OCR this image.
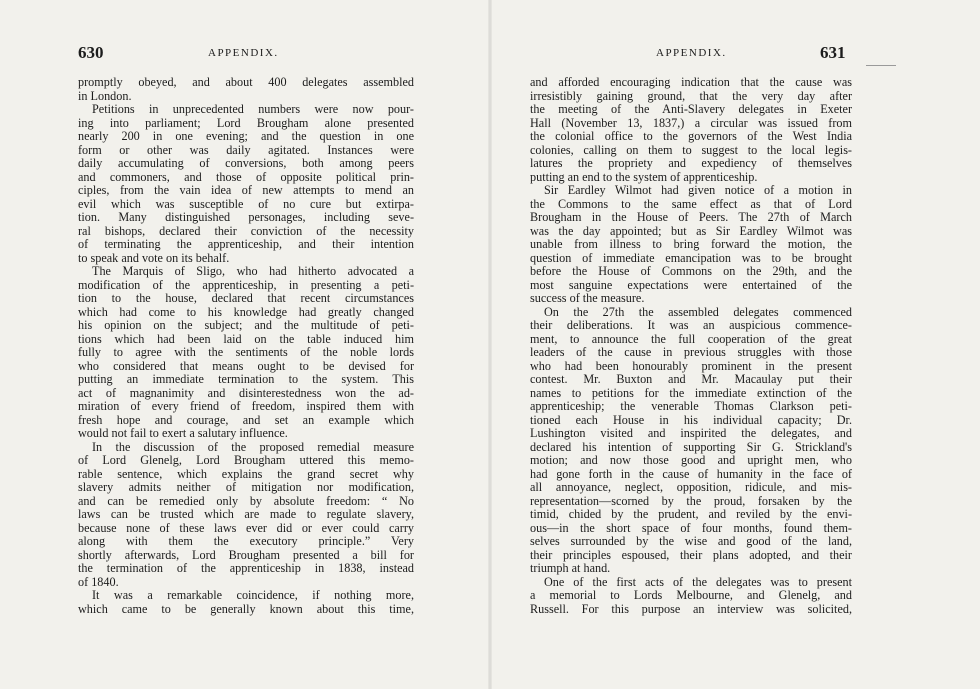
630	APPENDIX.
promptly obeyed, and about 400 delegates assembled
in London.
Petitions in unprecedented numbers were now pour-
ing into parliament; Lord Brougham alone presented
nearly 200 in one evening; and the question in one
form or other was daily agitated. Instances were
daily accumulating of conversions, both among peers
and commoners, and those of opposite political prin-
ciples, from the vain idea of new attempts to mend an
evil which was susceptible of no cure but extirpa-
tion. Many distinguished personages, including seve-
ral bishops, declared their conviction of the necessity
of terminating the apprenticeship, and their intention
to speak and vote on its behalf.
The Marquis of Sligo, who had hitherto advocated a
modification of the apprenticeship, in presenting a peti-
tion to the house, declared that recent circumstances
which had come to his knowledge had greatly changed
his opinion on the subject; and the multitude of peti-
tions which had been laid on the table induced him
fully to agree with the sentiments of the noble lords
who considered that means ought to be devised for
putting an immediate termination to the system. This
act of magnanimity and disinterestedness won the ad-
miration of every friend of freedom, inspired them with
fresh hope and courage, and set an example which
would not fail to exert a salutary influence.
In the discussion of the proposed remedial measure
of Lord Glenelg, Lord Brougham uttered this memo-
rable sentence, which explains the grand secret why
slavery admits neither of mitigation nor modification,
and can be remedied only by absolute freedom: “ No
laws can be trusted which are made to regulate slavery,
because none of these laws ever did or ever could carry
along with them the executory principle.” Very
shortly afterwards, Lord Brougham presented a bill for
the termination of the apprenticeship in 1838, instead
of 1840.
It was a remarkable coincidence, if nothing more,
which came to be generally known about this time,
APPENDIX.	631
and afforded encouraging indication that the cause was
irresistibly gaining ground, that the very day after
the meeting of the Anti-Slavery delegates in Exeter
Hall (November 13, 1837,) a circular was issued from
the colonial office to the governors of the West India
colonies, calling on them to suggest to the local legis-
latures the propriety and expediency of themselves
putting an end to the system of apprenticeship.
Sir Eardley Wilmot had given notice of a motion in
the Commons to the same effect as that of Lord
Brougham in the House of Peers. The 27th of March
was the day appointed; but as Sir Eardley Wilmot was
unable from illness to bring forward the motion, the
question of immediate emancipation was to be brought
before the House of Commons on the 29th, and the
most sanguine expectations were entertained of the
success of the measure.
On the 27th the assembled delegates commenced
their deliberations. It was an auspicious commence-
ment, to announce the full cooperation of the great
leaders of the cause in previous struggles with those
who had been honourably prominent in the present
contest. Mr. Buxton and Mr. Macaulay put their
names to petitions for the immediate extinction of the
apprenticeship; the venerable Thomas Clarkson peti-
tioned each House in his individual capacity; Dr.
Lushington visited and inspirited the delegates, and
declared his intention of supporting Sir G. Strickland's
motion; and now those good and upright men, who
had gone forth in the cause of humanity in the face of
all annoyance, neglect, opposition, ridicule, and mis-
representation—scorned by the proud, forsaken by the
timid, chided by the prudent, and reviled by the envi-
ous—in the short space of four months, found them-
selves surrounded by the wise and good of the land,
their principles espoused, their plans adopted, and their
triumph at hand.
One of the first acts of the delegates was to present
a memorial to Lords Melbourne, and Glenelg, and
Russell. For this purpose an interview was solicited,
